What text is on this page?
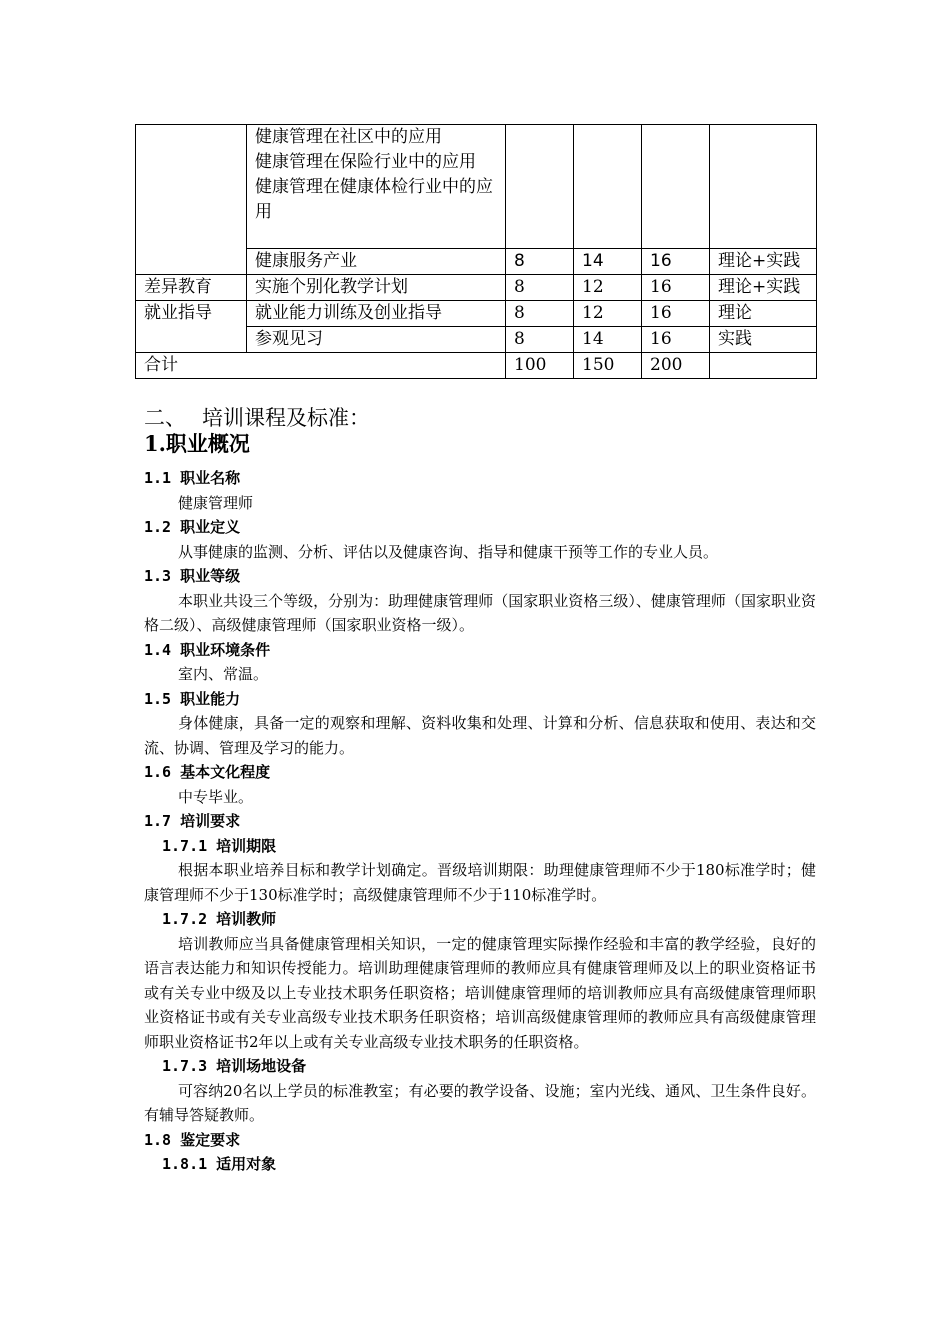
	健康管理在社区中的应用
健康管理在保险行业中的应用
健康管理在健康体检行业中的应用				
	健康服务产业	8	14	16	理论+实践
差异教育	实施个别化教学计划	8	12	16	理论+实践
就业指导	就业能力训练及创业指导	8	12	16	理论
	参观见习	8	14	16	实践
合计		100	150	200	
二、 培训课程及标准：
1.职业概况
1.1 职业名称

健康管理师

1.2 职业定义

从事健康的监测、分析、评估以及健康咨询、指导和健康干预等工作的专业人员。

1.3 职业等级

本职业共设三个等级，分别为：助理健康管理师（国家职业资格三级）、健康管理师（国家职业资格二级）、高级健康管理师（国家职业资格一级）。

1.4 职业环境条件

室内、常温。

1.5 职业能力

身体健康，具备一定的观察和理解、资料收集和处理、计算和分析、信息获取和使用、表达和交流、协调、管理及学习的能力。

1.6 基本文化程度

中专毕业。

1.7 培训要求
1.7.1 培训期限

根据本职业培养目标和教学计划确定。晋级培训期限：助理健康管理师不少于180标准学时；健康管理师不少于130标准学时；高级健康管理师不少于110标准学时。

1.7.2 培训教师

培训教师应当具备健康管理相关知识，一定的健康管理实际操作经验和丰富的教学经验，良好的语言表达能力和知识传授能力。培训助理健康管理师的教师应具有健康管理师及以上的职业资格证书或有关专业中级及以上专业技术职务任职资格；培训健康管理师的培训教师应具有高级健康管理师职业资格证书或有关专业高级专业技术职务任职资格；培训高级健康管理师的教师应具有高级健康管理师职业资格证书2年以上或有关专业高级专业技术职务的任职资格。

1.7.3 培训场地设备

可容纳20名以上学员的标准教室；有必要的教学设备、设施；室内光线、通风、卫生条件良好。有辅导答疑教师。

1.8 鉴定要求
1.8.1 适用对象
